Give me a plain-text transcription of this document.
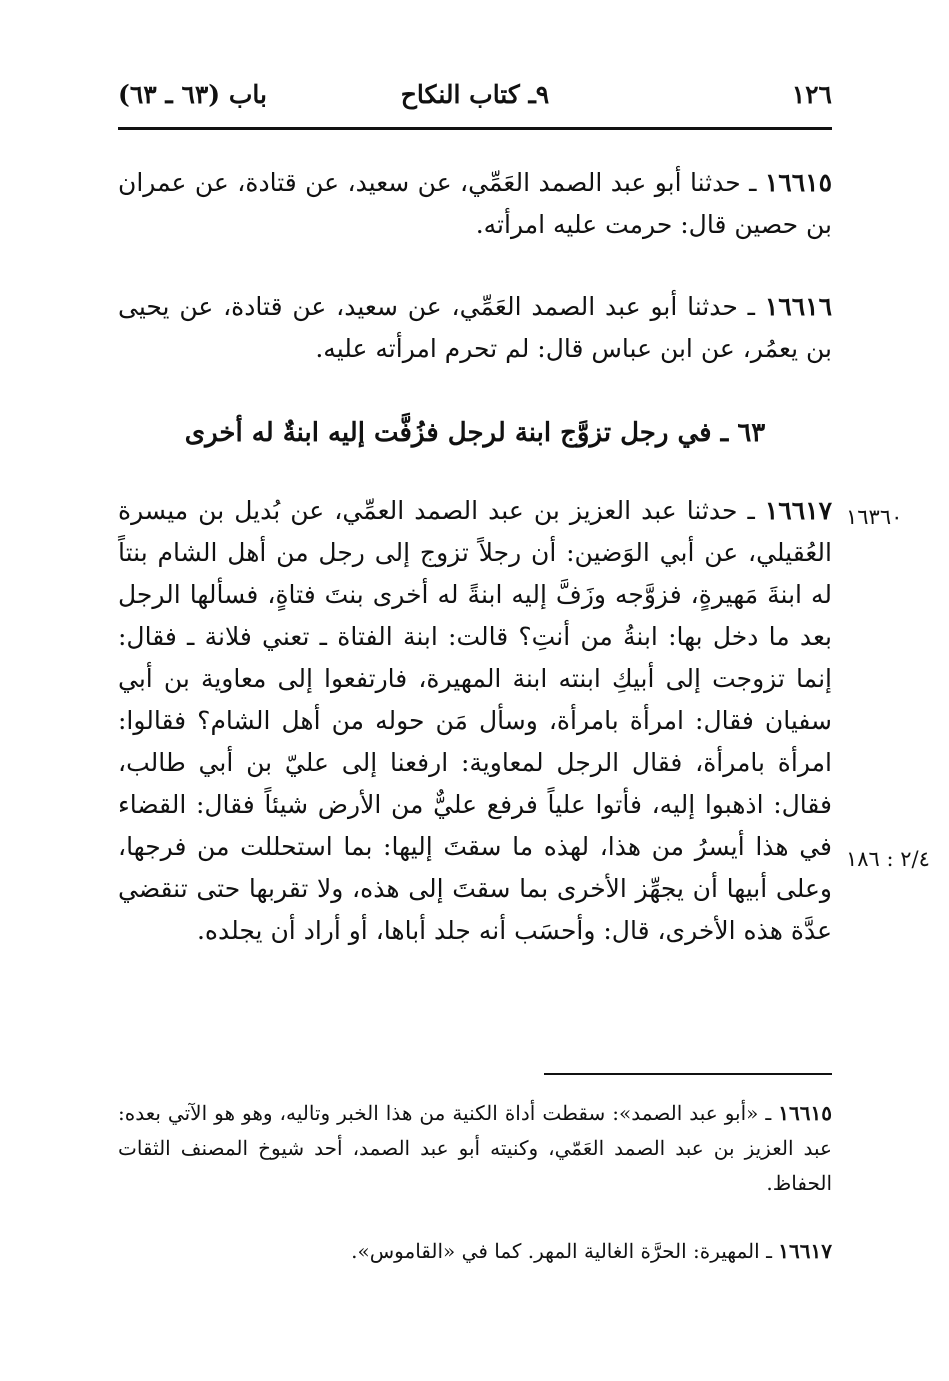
١٢٦
٩ـ كتاب النكاح
باب (٦٣ ـ ٦٣)

١٦٦١٥ ـ حدثنا أبو عبد الصمد العَمِّي، عن سعيد، عن قتادة، عن عمران بن حصين قال: حرمت عليه امرأته.

١٦٦١٦ ـ حدثنا أبو عبد الصمد العَمِّي، عن سعيد، عن قتادة، عن يحيى بن يعمُر، عن ابن عباس قال: لم تحرم امرأته عليه.

٦٣ ـ في رجل تزوَّج ابنة لرجل فزُفَّت إليه ابنةٌ له أخرى
١٦٣٦٠

١٦٦١٧ ـ حدثنا عبد العزيز بن عبد الصمد العمِّي، عن بُديل بن ميسرة العُقيلي، عن أبي الوَضين: أن رجلاً تزوج إلى رجل من أهل الشام بنتاً له ابنةَ مَهيرةٍ، فزوَّجه وزَفَّ إليه ابنةً له أخرى بنتَ فتاةٍ، فسألها الرجل بعد ما دخل بها: ابنةُ من أنتِ؟ قالت: ابنة الفتاة ـ تعني فلانة ـ فقال: إنما تزوجت إلى أبيكِ ابنته ابنة المهيرة، فارتفعوا إلى معاوية بن أبي سفيان فقال: امرأة بامرأة، وسأل مَن حوله من أهل الشام؟ فقالوا: امرأة بامرأة، فقال الرجل لمعاوية: ارفعنا إلى عليّ بن أبي طالب، فقال: اذهبوا إليه، فأتوا علياً فرفع عليٌّ من الأرض شيئاً فقال: القضاء في هذا أيسرُ من هذا، لهذه ما سقتَ إليها: بما استحللت من فرجها، وعلى أبيها أن يجهِّز الأخرى بما سقتَ إلى هذه، ولا تقربها حتى تنقضي عدَّة هذه الأخرى، قال: وأحسَب أنه جلد أباها، أو أراد أن يجلده.

٢/٤ : ١٨٦

١٦٦١٥ ـ «أبو عبد الصمد»: سقطت أداة الكنية من هذا الخبر وتاليه، وهو هو الآتي بعده: عبد العزيز بن عبد الصمد العَمّي، وكنيته أبو عبد الصمد، أحد شيوخ المصنف الثقات الحفاظ.

١٦٦١٧ ـ المهيرة: الحرَّة الغالية المهر. كما في «القاموس».
